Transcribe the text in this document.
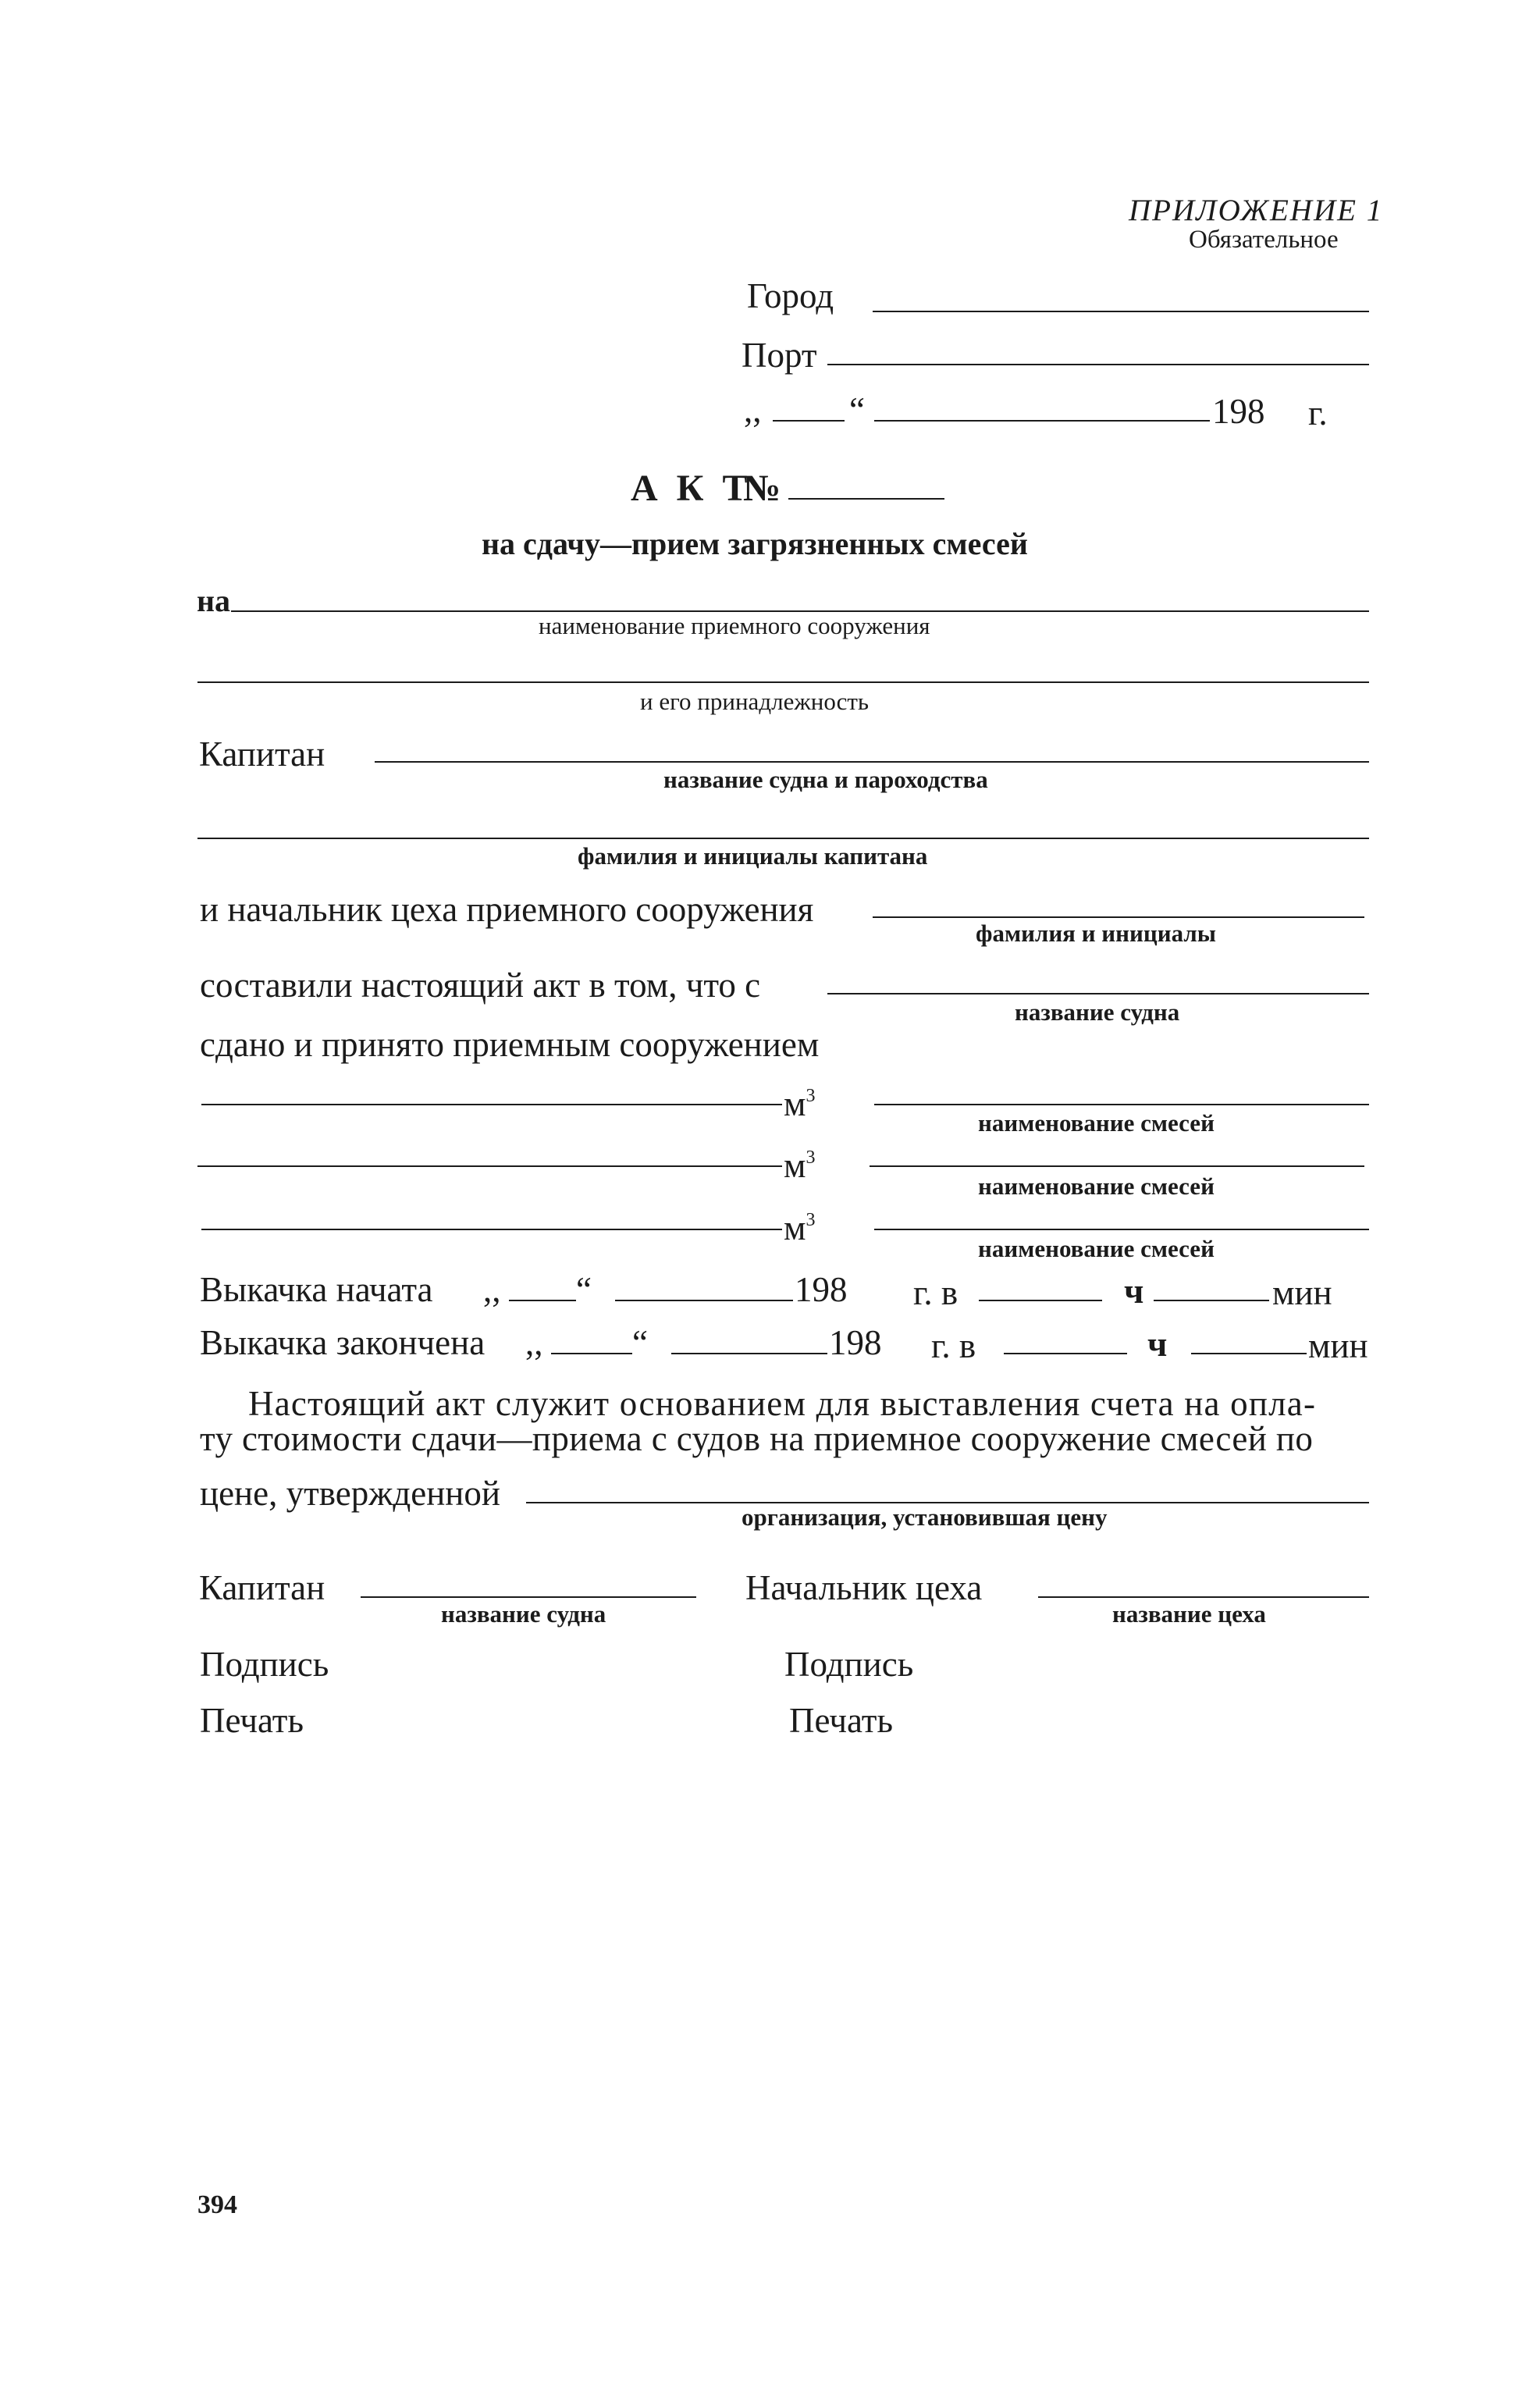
ПРИЛОЖЕНИЕ 1
Обязательное
Город
Порт
,,	“	198 г.
А К Т
№
на сдачу—прием загрязненных смесей
на
наименование приемного сооружения
и его принадлежность
Капитан
название судна и пароходства
фамилия и инициалы капитана
и начальник цеха приемного сооружения
фамилия и инициалы
составили настоящий акт в том, что с
название судна
сдано и принято приемным сооружением
$м^3$
наименование смесей
$м^3$
наименование смесей
$м^3$
наименование смесей
Выкачка начата ,, “	198 г. в	ч	мин
Выкачка закончена ,,	“	198 г. в	ч	мин
Настоящий акт служит основанием для выставления счета на опла-
ту стоимости сдачи—приема с судов на приемное сооружение смесей по
цене, утвержденной
организация, установившая цену
Капитан
название судна
Начальник цеха
название цеха
Подпись
Печать
Подпись
Печать
394
